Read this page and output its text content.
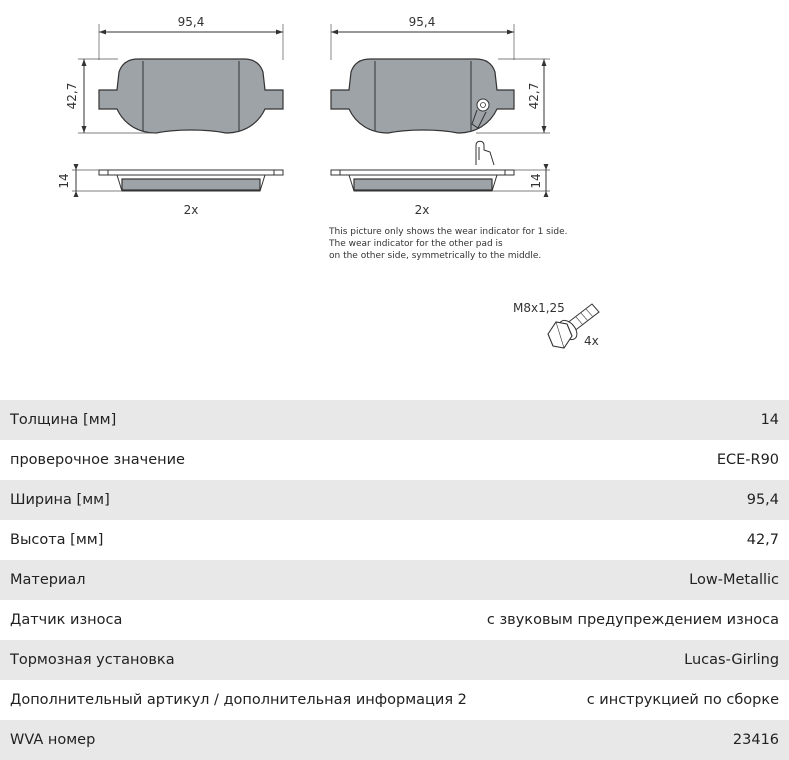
95,4
42,7
14
2x
95,4
42,7
14
2x
This picture only shows the wear indicator for 1 side.
The wear indicator for the other pad is
on the other side, symmetrically to the middle.
M8x1,25
4x
Толщина [мм]	14
проверочное значение	ECE-R90
Ширина [мм]	95,4
Высота [мм]	42,7
Материал	Low-Metallic
Датчик износа	с звуковым предупреждением износа
Тормозная установка	Lucas-Girling
Дополнительный артикул / дополнительная информация 2	с инструкцией по сборке
WVA номер	23416
